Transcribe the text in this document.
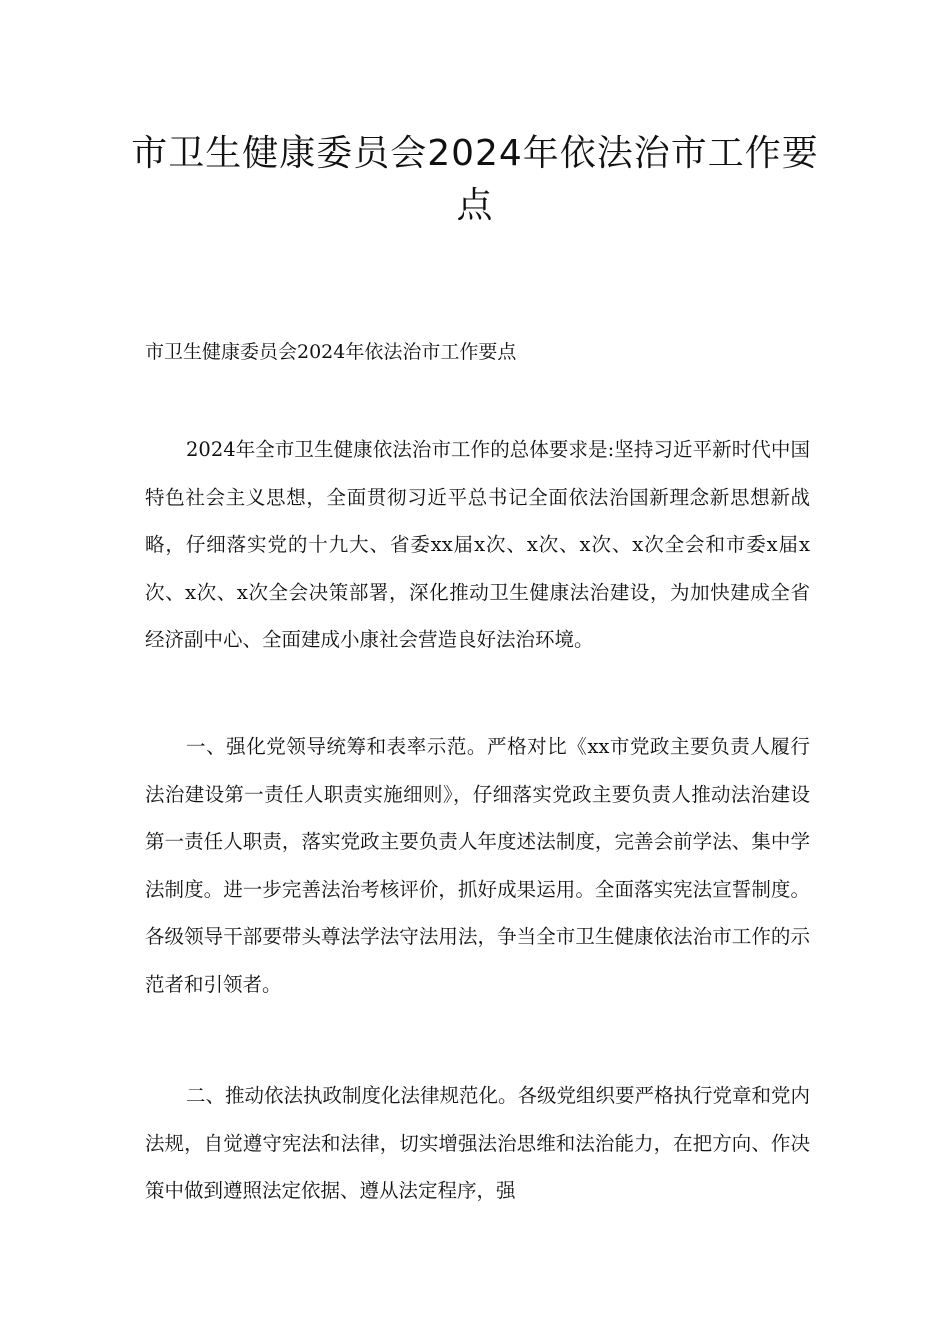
市卫生健康委员会2024年依法治市工作要点

市卫生健康委员会2024年依法治市工作要点

2024年全市卫生健康依法治市工作的总体要求是:坚持习近平新时代中国特色社会主义思想，全面贯彻习近平总书记全面依法治国新理念新思想新战略，仔细落实党的十九大、省委xx届x次、x次、x次、x次全会和市委x届x次、x次、x次全会决策部署，深化推动卫生健康法治建设，为加快建成全省经济副中心、全面建成小康社会营造良好法治环境。

一、强化党领导统筹和表率示范。严格对比《xx市党政主要负责人履行法治建设第一责任人职责实施细则》，仔细落实党政主要负责人推动法治建设第一责任人职责，落实党政主要负责人年度述法制度，完善会前学法、集中学法制度。进一步完善法治考核评价，抓好成果运用。全面落实宪法宣誓制度。各级领导干部要带头尊法学法守法用法，争当全市卫生健康依法治市工作的示范者和引领者。

二、推动依法执政制度化法律规范化。各级党组织要严格执行党章和党内法规，自觉遵守宪法和法律，切实增强法治思维和法治能力，在把方向、作决策中做到遵照法定依据、遵从法定程序，强
